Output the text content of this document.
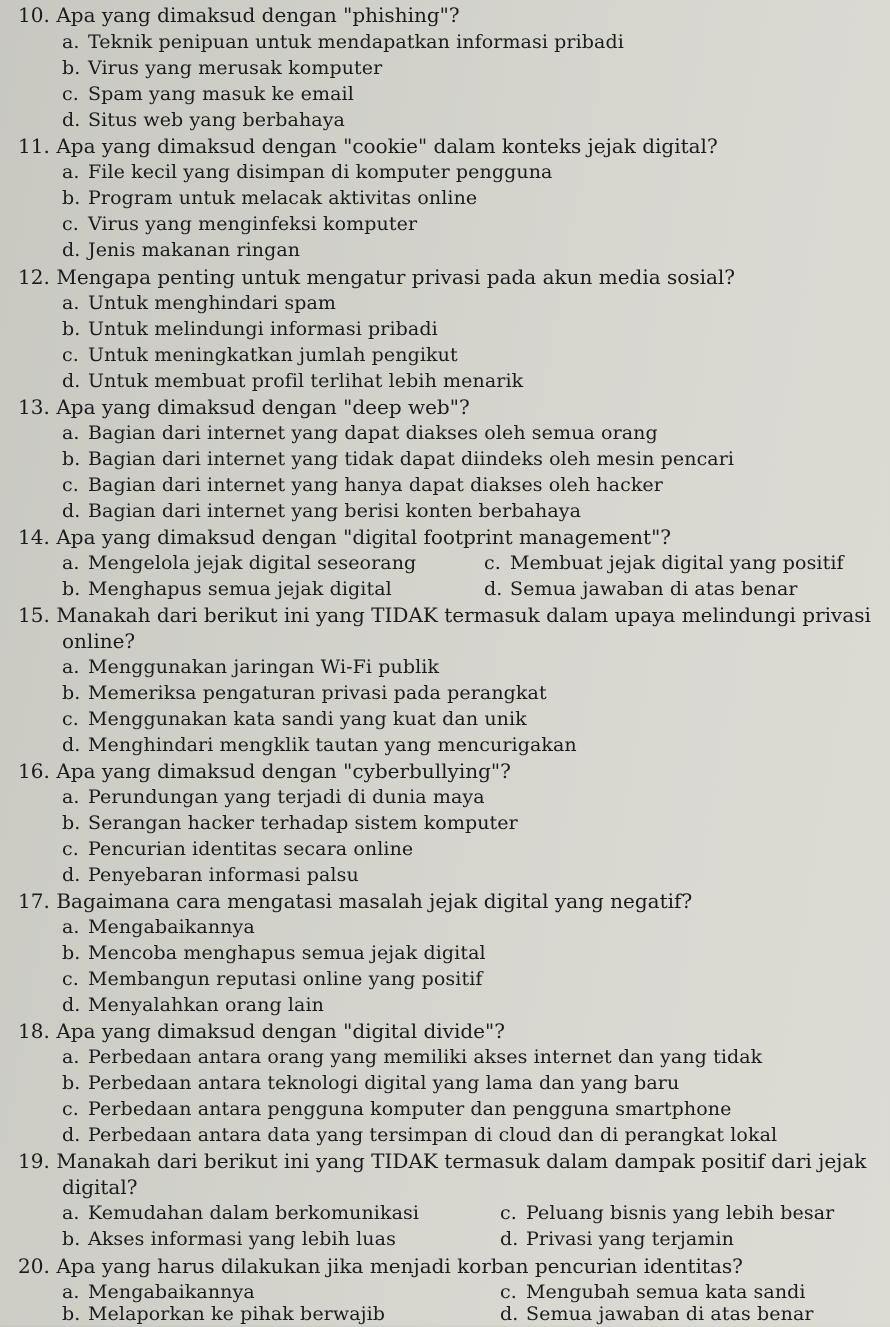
10. Apa yang dimaksud dengan "phishing"?
a. Teknik penipuan untuk mendapatkan informasi pribadi
b. Virus yang merusak komputer
c. Spam yang masuk ke email
d. Situs web yang berbahaya
11. Apa yang dimaksud dengan "cookie" dalam konteks jejak digital?
a. File kecil yang disimpan di komputer pengguna
b. Program untuk melacak aktivitas online
c. Virus yang menginfeksi komputer
d. Jenis makanan ringan
12. Mengapa penting untuk mengatur privasi pada akun media sosial?
a. Untuk menghindari spam
b. Untuk melindungi informasi pribadi
c. Untuk meningkatkan jumlah pengikut
d. Untuk membuat profil terlihat lebih menarik
13. Apa yang dimaksud dengan "deep web"?
a. Bagian dari internet yang dapat diakses oleh semua orang
b. Bagian dari internet yang tidak dapat diindeks oleh mesin pencari
c. Bagian dari internet yang hanya dapat diakses oleh hacker
d. Bagian dari internet yang berisi konten berbahaya
14. Apa yang dimaksud dengan "digital footprint management"?
a. Mengelola jejak digital seseorang	c. Membuat jejak digital yang positif
b. Menghapus semua jejak digital	d. Semua jawaban di atas benar
15. Manakah dari berikut ini yang TIDAK termasuk dalam upaya melindungi privasi
online?
a. Menggunakan jaringan Wi-Fi publik
b. Memeriksa pengaturan privasi pada perangkat
c. Menggunakan kata sandi yang kuat dan unik
d. Menghindari mengklik tautan yang mencurigakan
16. Apa yang dimaksud dengan "cyberbullying"?
a. Perundungan yang terjadi di dunia maya
b. Serangan hacker terhadap sistem komputer
c. Pencurian identitas secara online
d. Penyebaran informasi palsu
17. Bagaimana cara mengatasi masalah jejak digital yang negatif?
a. Mengabaikannya
b. Mencoba menghapus semua jejak digital
c. Membangun reputasi online yang positif
d. Menyalahkan orang lain
18. Apa yang dimaksud dengan "digital divide"?
a. Perbedaan antara orang yang memiliki akses internet dan yang tidak
b. Perbedaan antara teknologi digital yang lama dan yang baru
c. Perbedaan antara pengguna komputer dan pengguna smartphone
d. Perbedaan antara data yang tersimpan di cloud dan di perangkat lokal
19. Manakah dari berikut ini yang TIDAK termasuk dalam dampak positif dari jejak
digital?
a. Kemudahan dalam berkomunikasi	c. Peluang bisnis yang lebih besar
b. Akses informasi yang lebih luas	d. Privasi yang terjamin
20. Apa yang harus dilakukan jika menjadi korban pencurian identitas?
a. Mengabaikannya	c. Mengubah semua kata sandi
b. Melaporkan ke pihak berwajib	d. Semua jawaban di atas benar
